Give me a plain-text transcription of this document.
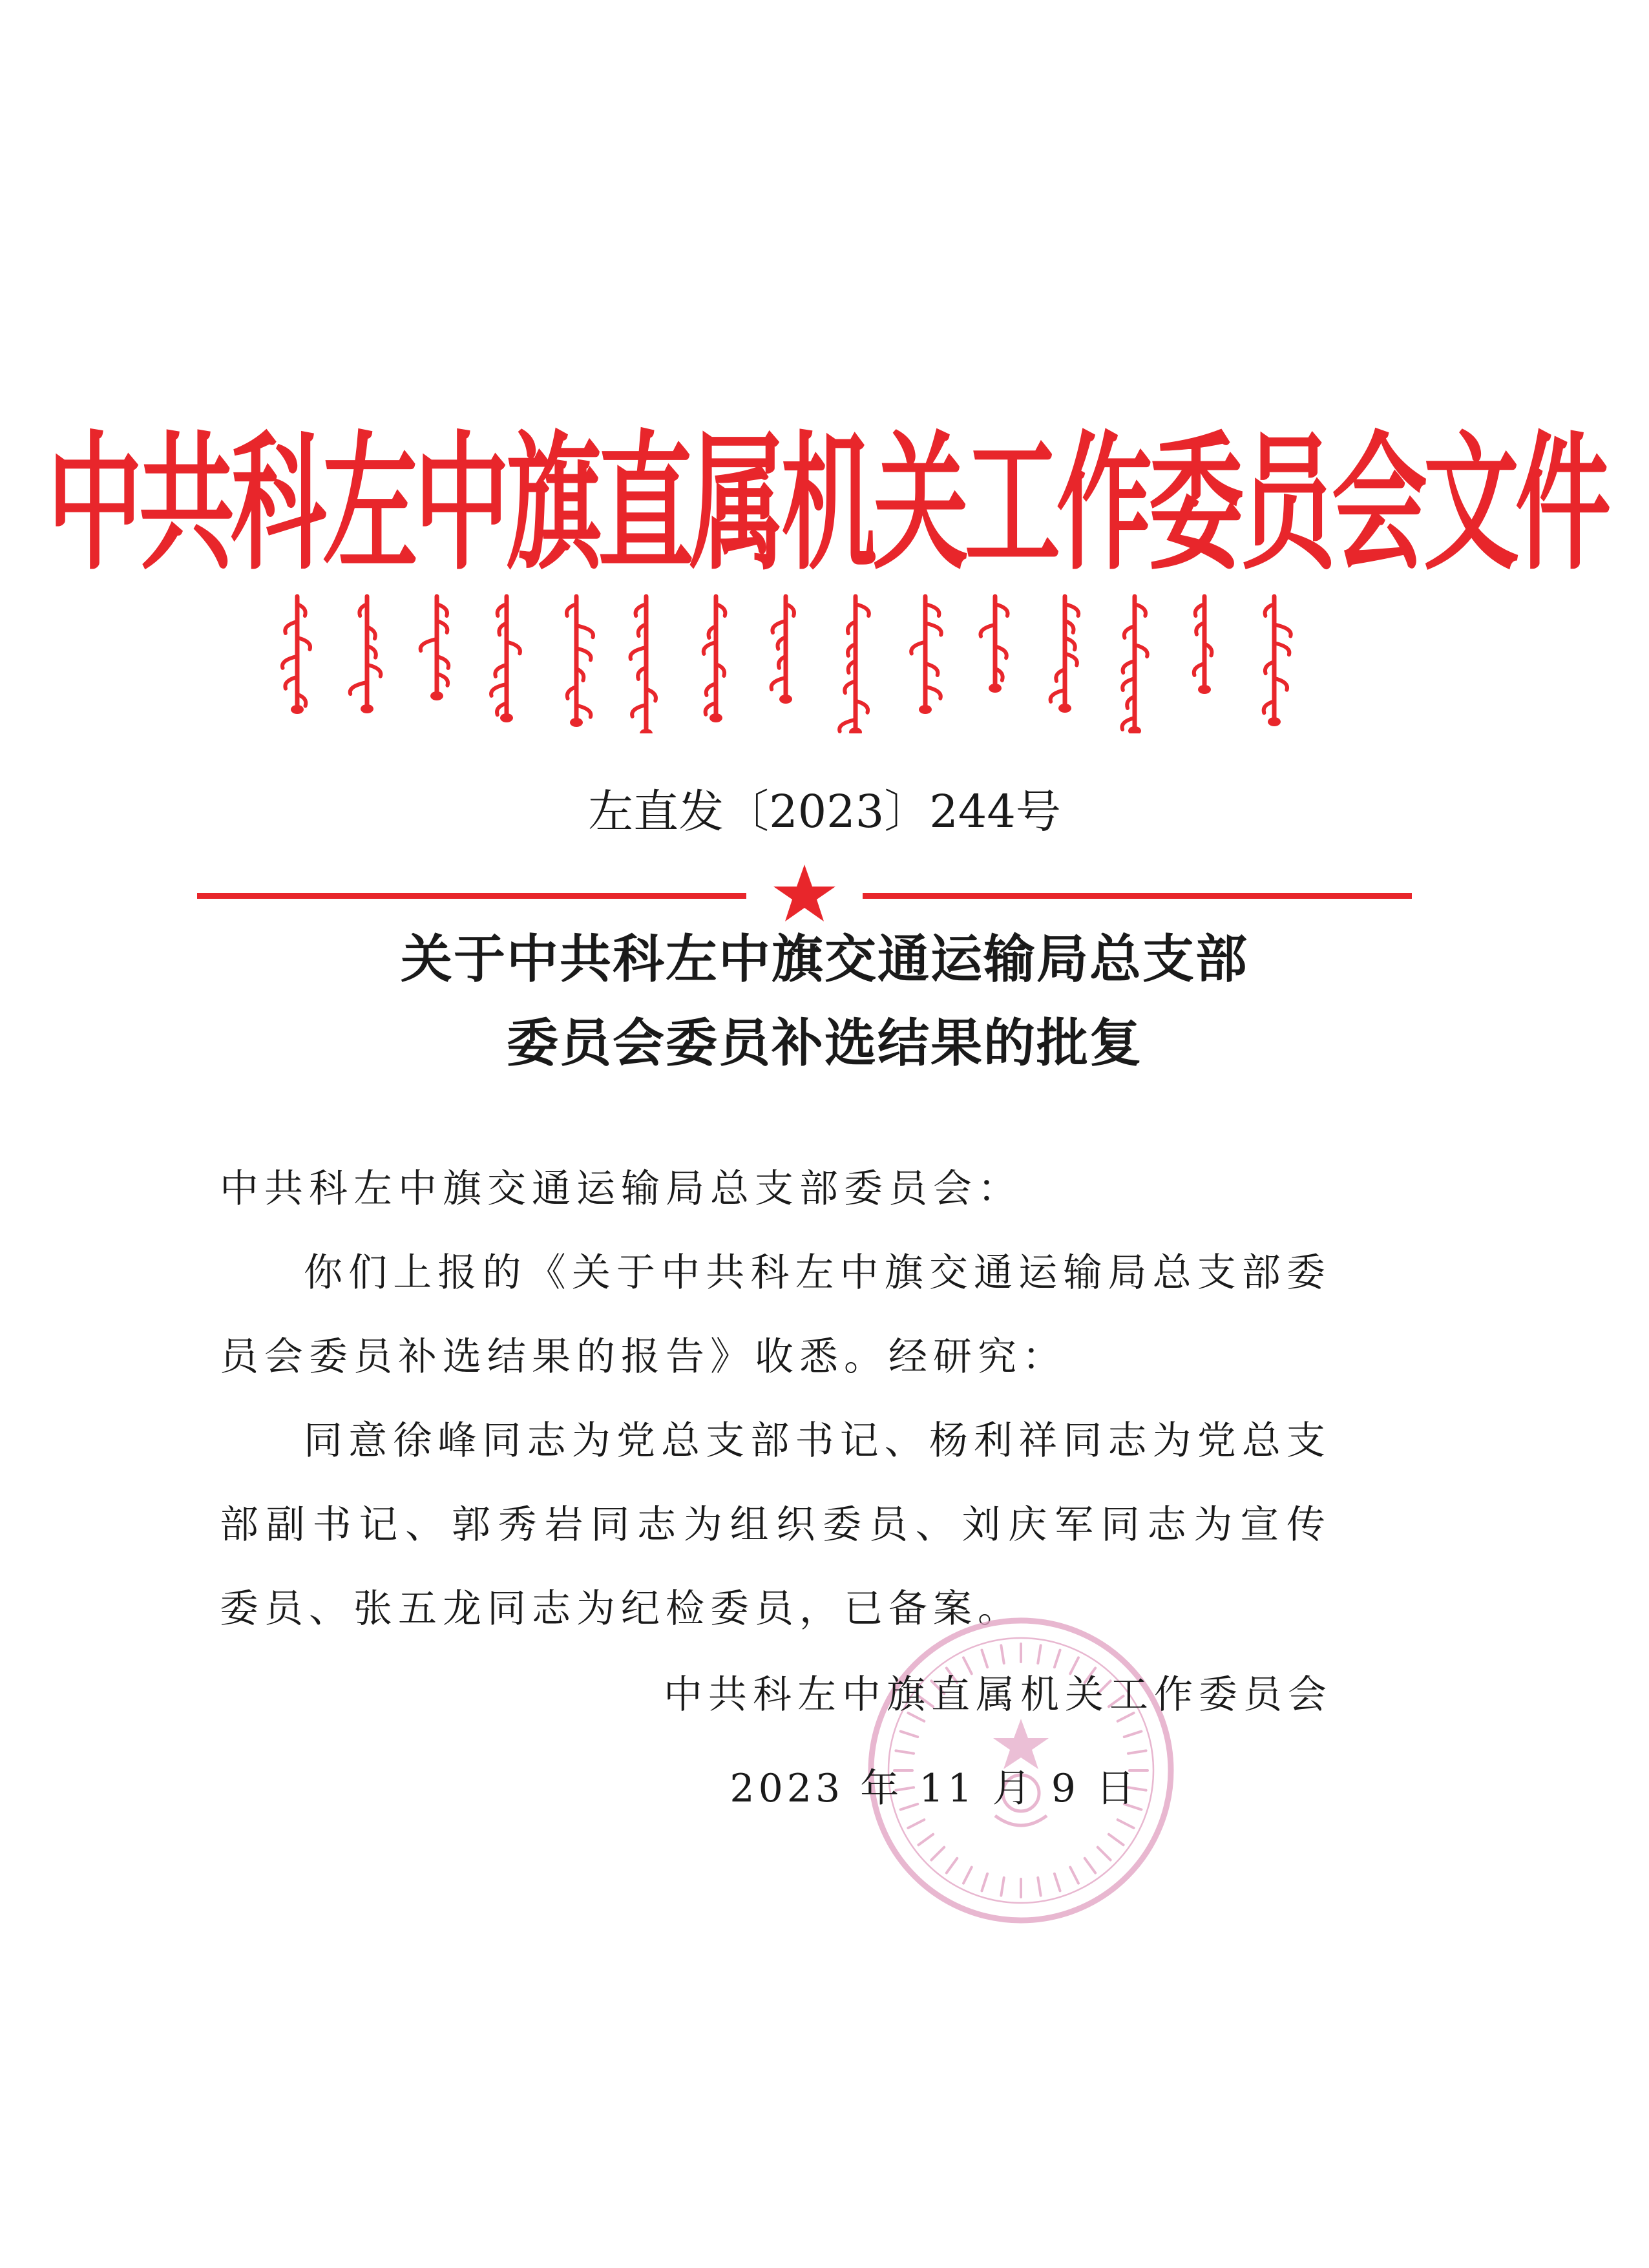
中共科左中旗直属机关工作委员会文件
左直发〔2023〕244号
关于中共科左中旗交通运输局总支部
委员会委员补选结果的批复

中共科左中旗交通运输局总支部委员会：

你们上报的《关于中共科左中旗交通运输局总支部委员会委员补选结果的报告》收悉。经研究：

同意徐峰同志为党总支部书记、杨利祥同志为党总支部副书记、郭秀岩同志为组织委员、刘庆军同志为宣传委员、张五龙同志为纪检委员，已备案。

中共科左中旗直属机关工作委员会
2023 年 11 月 9 日
